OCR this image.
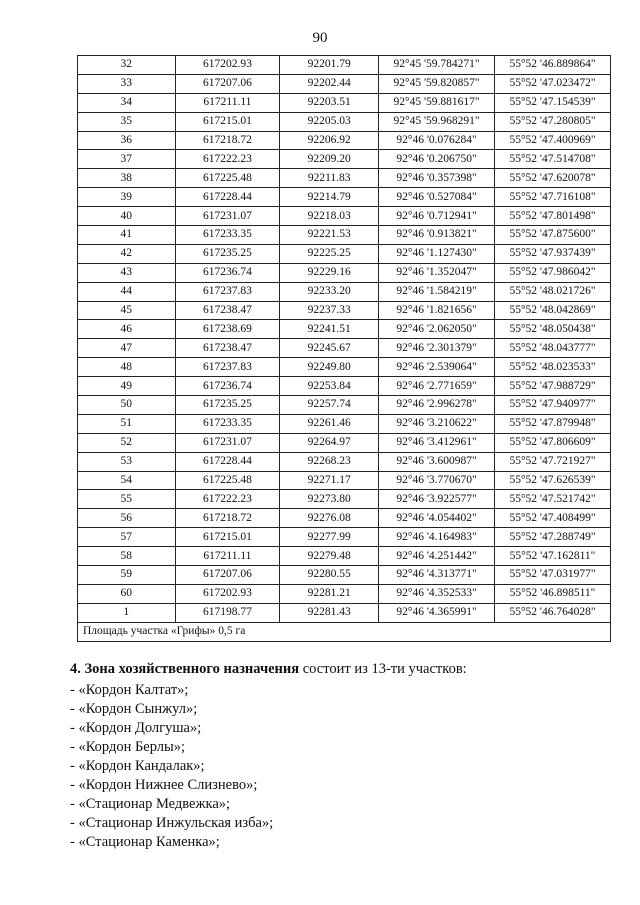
90
32	617202.93	92201.79	92°45 '59.784271"	55°52 '46.889864"
33	617207.06	92202.44	92°45 '59.820857"	55°52 '47.023472"
34	617211.11	92203.51	92°45 '59.881617"	55°52 '47.154539"
35	617215.01	92205.03	92°45 '59.968291"	55°52 '47.280805"
36	617218.72	92206.92	92°46 '0.076284"	55°52 '47.400969"
37	617222.23	92209.20	92°46 '0.206750"	55°52 '47.514708"
38	617225.48	92211.83	92°46 '0.357398"	55°52 '47.620078"
39	617228.44	92214.79	92°46 '0.527084"	55°52 '47.716108"
40	617231.07	92218.03	92°46 '0.712941"	55°52 '47.801498"
41	617233.35	92221.53	92°46 '0.913821"	55°52 '47.875600"
42	617235.25	92225.25	92°46 '1.127430"	55°52 '47.937439"
43	617236.74	92229.16	92°46 '1.352047"	55°52 '47.986042"
44	617237.83	92233.20	92°46 '1.584219"	55°52 '48.021726"
45	617238.47	92237.33	92°46 '1.821656"	55°52 '48.042869"
46	617238.69	92241.51	92°46 '2.062050"	55°52 '48.050438"
47	617238.47	92245.67	92°46 '2.301379"	55°52 '48.043777"
48	617237.83	92249.80	92°46 '2.539064"	55°52 '48.023533"
49	617236.74	92253.84	92°46 '2.771659"	55°52 '47.988729"
50	617235.25	92257.74	92°46 '2.996278"	55°52 '47.940977"
51	617233.35	92261.46	92°46 '3.210622"	55°52 '47.879948"
52	617231.07	92264.97	92°46 '3.412961"	55°52 '47.806609"
53	617228.44	92268.23	92°46 '3.600987"	55°52 '47.721927"
54	617225.48	92271.17	92°46 '3.770670"	55°52 '47.626539"
55	617222.23	92273.80	92°46 '3.922577"	55°52 '47.521742"
56	617218.72	92276.08	92°46 '4.054402"	55°52 '47.408499"
57	617215.01	92277.99	92°46 '4.164983"	55°52 '47.288749"
58	617211.11	92279.48	92°46 '4.251442"	55°52 '47.162811"
59	617207.06	92280.55	92°46 '4.313771"	55°52 '47.031977"
60	617202.93	92281.21	92°46 '4.352533"	55°52 '46.898511"
1	617198.77	92281.43	92°46 '4.365991"	55°52 '46.764028"
Площадь участка «Грифы» 0,5 га				

4. Зона хозяйственного назначения состоит из 13-ти участков:

- «Кордон Калтат»;
- «Кордон Сынжул»;
- «Кордон Долгуша»;
- «Кордон Берлы»;
- «Кордон Кандалак»;
- «Кордон Нижнее Слизнево»;
- «Стационар Медвежка»;
- «Стационар Инжульская изба»;
- «Стационар Каменка»;
